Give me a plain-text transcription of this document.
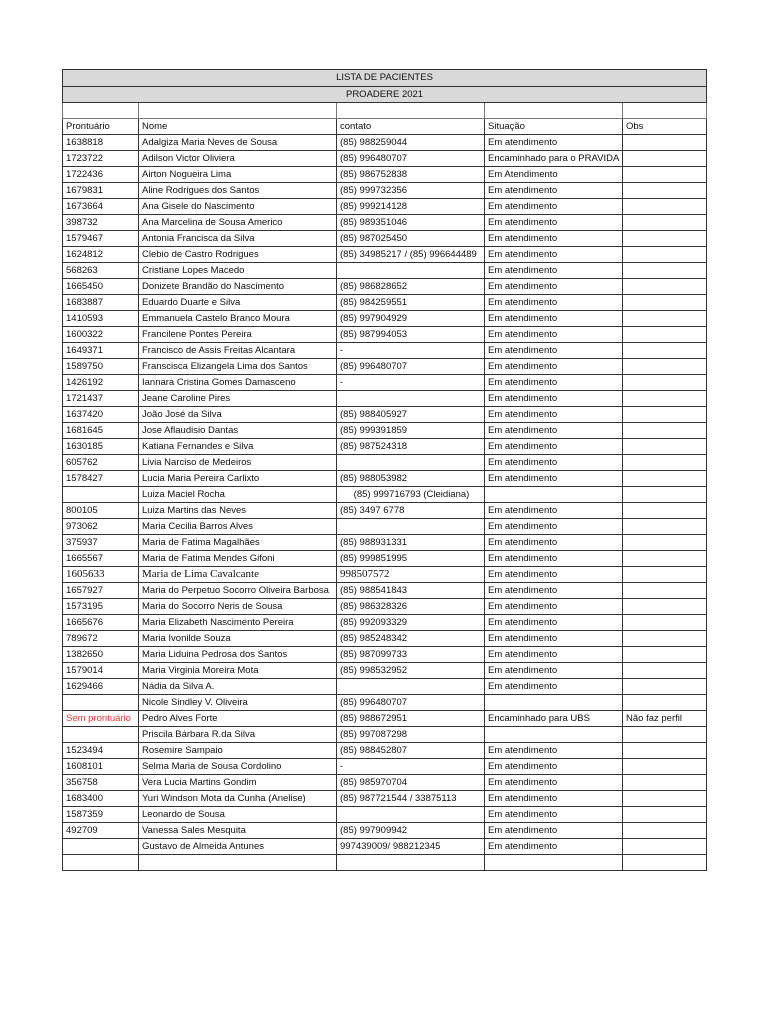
LISTA DE PACIENTES				
PROADERE 2021				

Prontuário	Nome	contato	Situação	Obs
1638818	Adalgiza Maria Neves de Sousa	(85) 988259044	Em atendimento	
1723722	Adilson Victor Oliviera	(85) 996480707	Encaminhado para o PRAVIDA	
1722436	Airton Nogueira Lima	(85) 986752838	Em Atendimento	
1679831	Aline Rodrigues dos Santos	(85) 999732356	Em atendimento	
1673664	Ana Gisele do Nascimento	(85) 999214128	Em atendimento	
398732	Ana Marcelina de Sousa Americo	(85) 989351046	Em atendimento	
1579467	Antonia Francisca da Silva	(85) 987025450	Em atendimento	
1624812	Clebio de Castro Rodrigues	(85) 34985217 / (85) 996644489	Em atendimento	
568263	Cristiane Lopes Macedo		Em atendimento	
1665450	Donizete Brandão do Nascimento	(85) 986828652	Em atendimento	
1683887	Eduardo Duarte e Silva	(85) 984259551	Em atendimento	
1410593	Emmanuela Castelo Branco Moura	(85) 997904929	Em atendimento	
1600322	Francilene Pontes Pereira	(85) 987994053	Em atendimento	
1649371	Francisco de Assis Freitas Alcantara	-	Em atendimento	
1589750	Franscisca Elizangela Lima dos Santos	(85) 996480707	Em atendimento	
1426192	Iannara Cristina Gomes Damasceno	-	Em atendimento	
1721437	Jeane Caroline Pires		Em atendimento	
1637420	João José da Silva	(85) 988405927	Em atendimento	
1681645	Jose Aflaudisio Dantas	(85) 999391859	Em atendimento	
1630185	Katiana Fernandes e Silva	(85) 987524318	Em atendimento	
605762	Livia Narciso de Medeiros		Em atendimento	
1578427	Lucia Maria Pereira Carlixto	(85) 988053982	Em atendimento	
	Luiza Maciel Rocha	(85) 999716793 (Cleidiana)		
800105	Luiza Martins das Neves	(85) 3497 6778	Em atendimento	
973062	Maria Cecilia Barros Alves		Em atendimento	
375937	Maria de Fatima Magalhães	(85) 988931331	Em atendimento	
1665567	Maria de Fatima Mendes Gifoni	(85) 999851995	Em atendimento	
1605633	Maria de Lima Cavalcante	998507572	Em atendimento	
1657927	Maria do Perpetuo Socorro Oliveira Barbosa	(85) 988541843	Em atendimento	
1573195	Maria do Socorro Neris de Sousa	(85) 986328326	Em atendimento	
1665676	Maria Elizabeth Nascimento Pereira	(85) 992093329	Em atendimento	
789672	Maria Ivonilde Souza	(85) 985248342	Em atendimento	
1382650	Maria Liduina Pedrosa dos Santos	(85) 987099733	Em atendimento	
1579014	Maria Virginia Moreira Mota	(85) 998532952	Em atendimento	
1629466	Nádia da Silva A.		Em atendimento	
	Nicole Sindley V. Oliveira	(85) 996480707		
Sem prontuário	Pedro Alves Forte	(85) 988672951	Encaminhado para UBS	Não faz perfil
	Priscila Bárbara R.da Silva	(85) 997087298		
1523494	Rosemire Sampaio	(85) 988452807	Em atendimento	
1608101	Selma Maria de Sousa Cordolino	-	Em atendimento	
356758	Vera Lucia Martins Gondim	(85) 985970704	Em atendimento	
1683400	Yuri Windson Mota da Cunha (Anelise)	(85) 987721544 / 33875113	Em atendimento	
1587359	Leonardo de Sousa		Em atendimento	
492709	Vanessa Sales Mesquita	(85) 997909942	Em atendimento	
	Gustavo de Almeida Antunes	997439009/ 988212345	Em atendimento	
